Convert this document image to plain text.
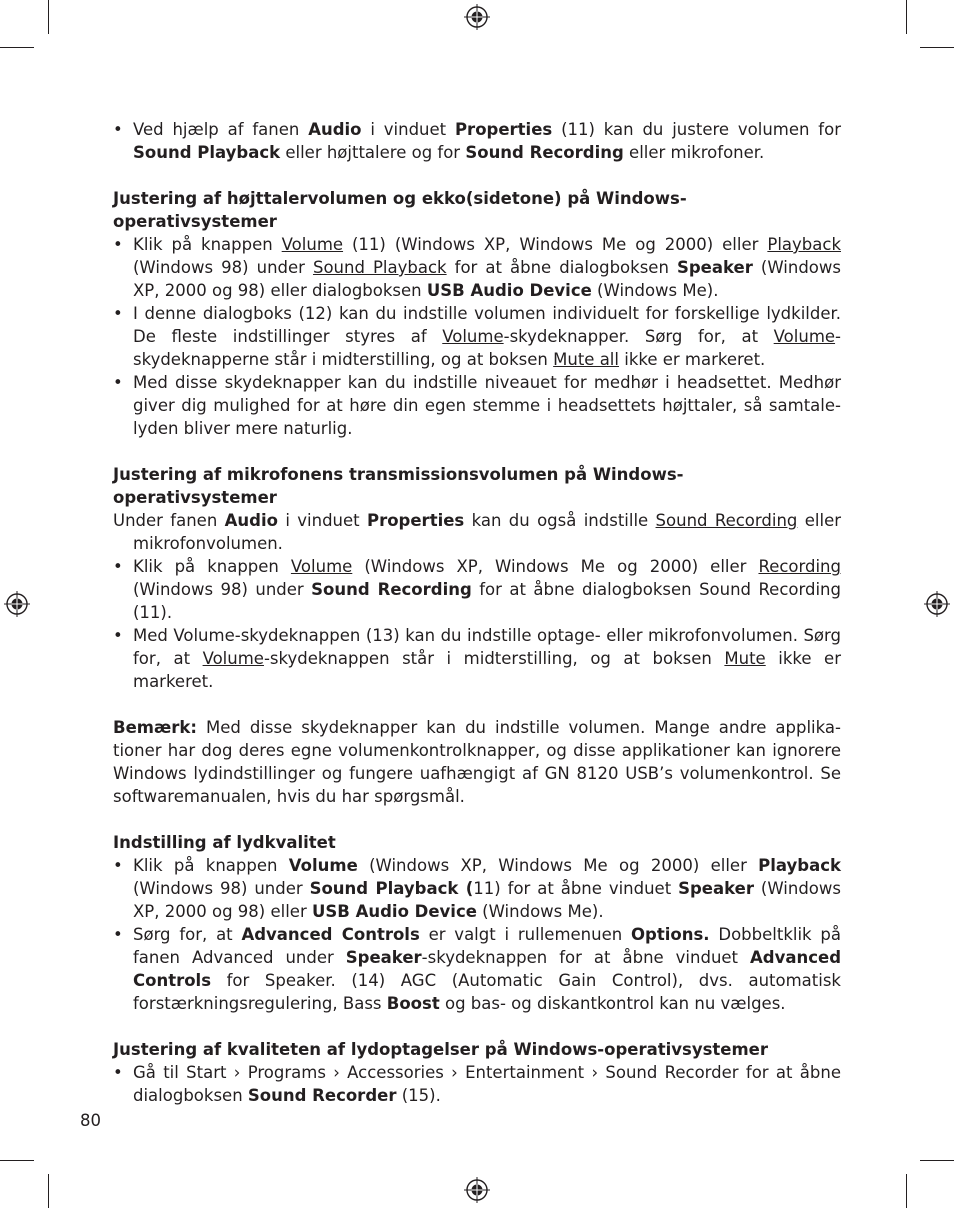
• Ved hjælp af fanen Audio i vinduet Properties (11) kan du justere volumen for Sound Playback eller højttalere og for Sound Recording eller mikrofoner.
Justering af højttalervolumen og ekko(sidetone) på Windows-operativsystemer
• Klik på knappen Volume (11) (Windows XP, Windows Me og 2000) eller Playback (Windows 98) under Sound Playback for at åbne dialogboksen Speaker (Windows XP, 2000 og 98) eller dialogboksen USB Audio Device (Windows Me).
• I denne dialogboks (12) kan du indstille volumen individuelt for forskellige lydkilder. De fleste indstillinger styres af Volume-skydeknapper. Sørg for, at Volume-skydeknapperne står i midterstilling, og at boksen Mute all ikke er markeret.
• Med disse skydeknapper kan du indstille niveauet for medhør i headsettet. Medhør giver dig mulighed for at høre din egen stemme i headsettets højttaler, så samtalelyden bliver mere naturlig.
Justering af mikrofonens transmissionsvolumen på Windows-operativsystemer
Under fanen Audio i vinduet Properties kan du også indstille Sound Recording eller mikrofonvolumen.
• Klik på knappen Volume (Windows XP, Windows Me og 2000) eller Recording (Windows 98) under Sound Recording for at åbne dialogboksen Sound Recording (11).
• Med Volume-skydeknappen (13) kan du indstille optage- eller mikrofonvolumen. Sørg for, at Volume-skydeknappen står i midterstilling, og at boksen Mute ikke er markeret.
Bemærk: Med disse skydeknapper kan du indstille volumen. Mange andre applikationer har dog deres egne volumenkontrolknapper, og disse applikationer kan ignorere Windows lydindstillinger og fungere uafhængigt af GN 8120 USB’s volumenkontrol. Se softwaremanualen, hvis du har spørgsmål.
Indstilling af lydkvalitet
• Klik på knappen Volume (Windows XP, Windows Me og 2000) eller Playback (Windows 98) under Sound Playback (11) for at åbne vinduet Speaker (Windows XP, 2000 og 98) eller USB Audio Device (Windows Me).
• Sørg for, at Advanced Controls er valgt i rullemenuen Options. Dobbeltklik på fanen Advanced under Speaker-skydeknappen for at åbne vinduet Advanced Controls for Speaker. (14) AGC (Automatic Gain Control), dvs. automatisk forstærkningsregulering, Bass Boost og bas- og diskantkontrol kan nu vælges.
Justering af kvaliteten af lydoptagelser på Windows-operativsystemer
• Gå til Start › Programs › Accessories › Entertainment › Sound Recorder for at åbne dialogboksen Sound Recorder (15).
80
